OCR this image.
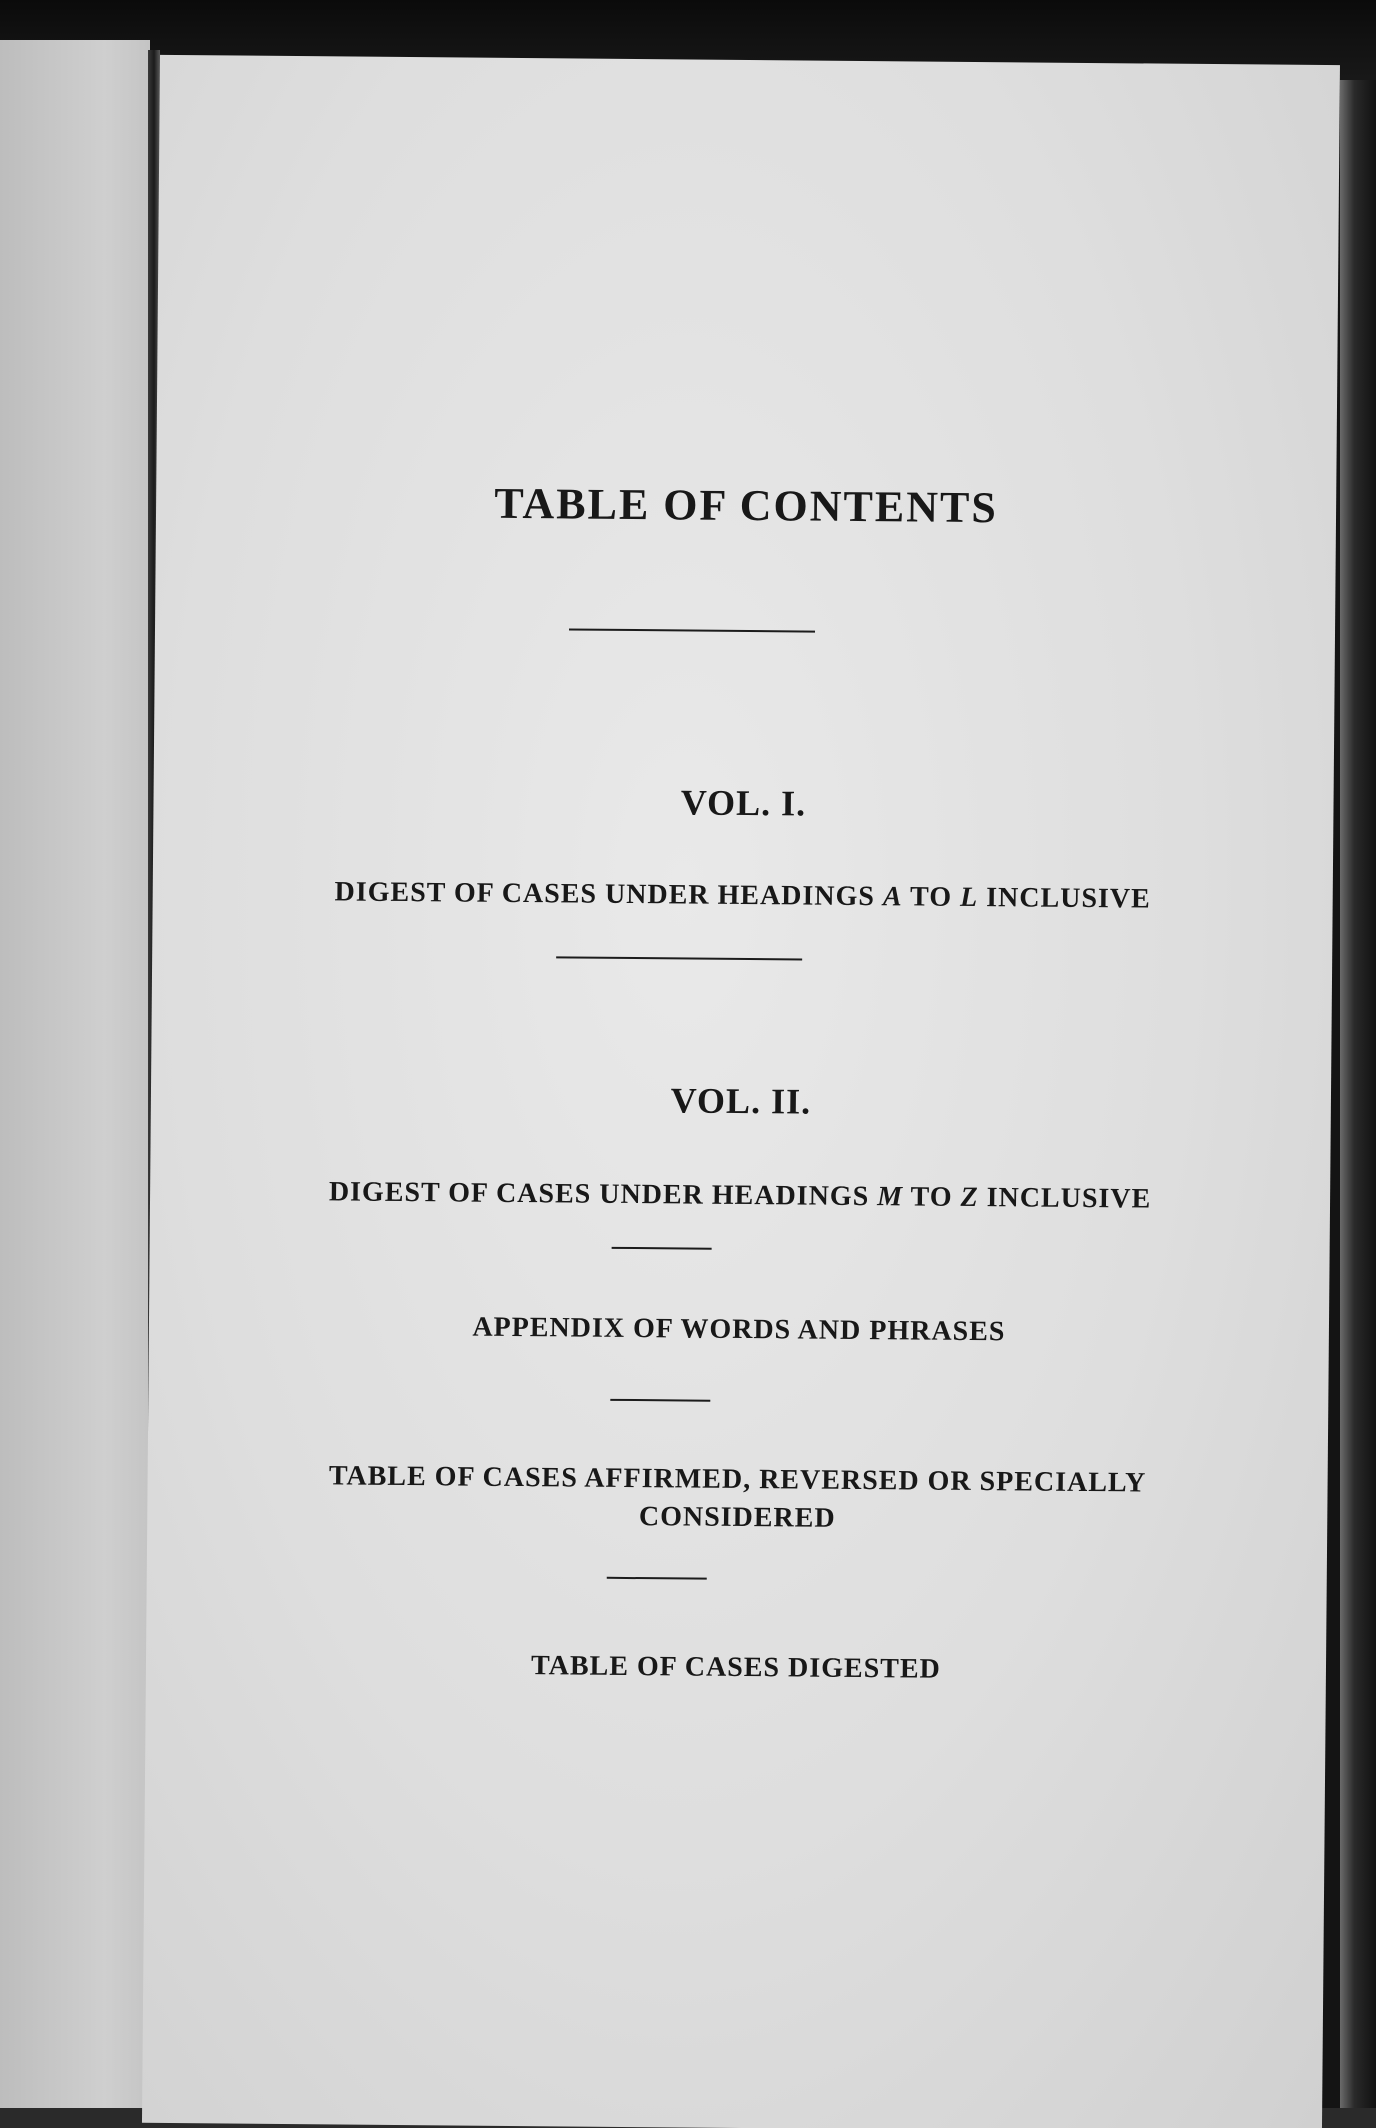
TABLE OF CONTENTS
VOL. I.
DIGEST OF CASES UNDER HEADINGS A TO L INCLUSIVE
VOL. II.
DIGEST OF CASES UNDER HEADINGS M TO Z INCLUSIVE
APPENDIX OF WORDS AND PHRASES
TABLE OF CASES AFFIRMED, REVERSED OR SPECIALLY
CONSIDERED
TABLE OF CASES DIGESTED
